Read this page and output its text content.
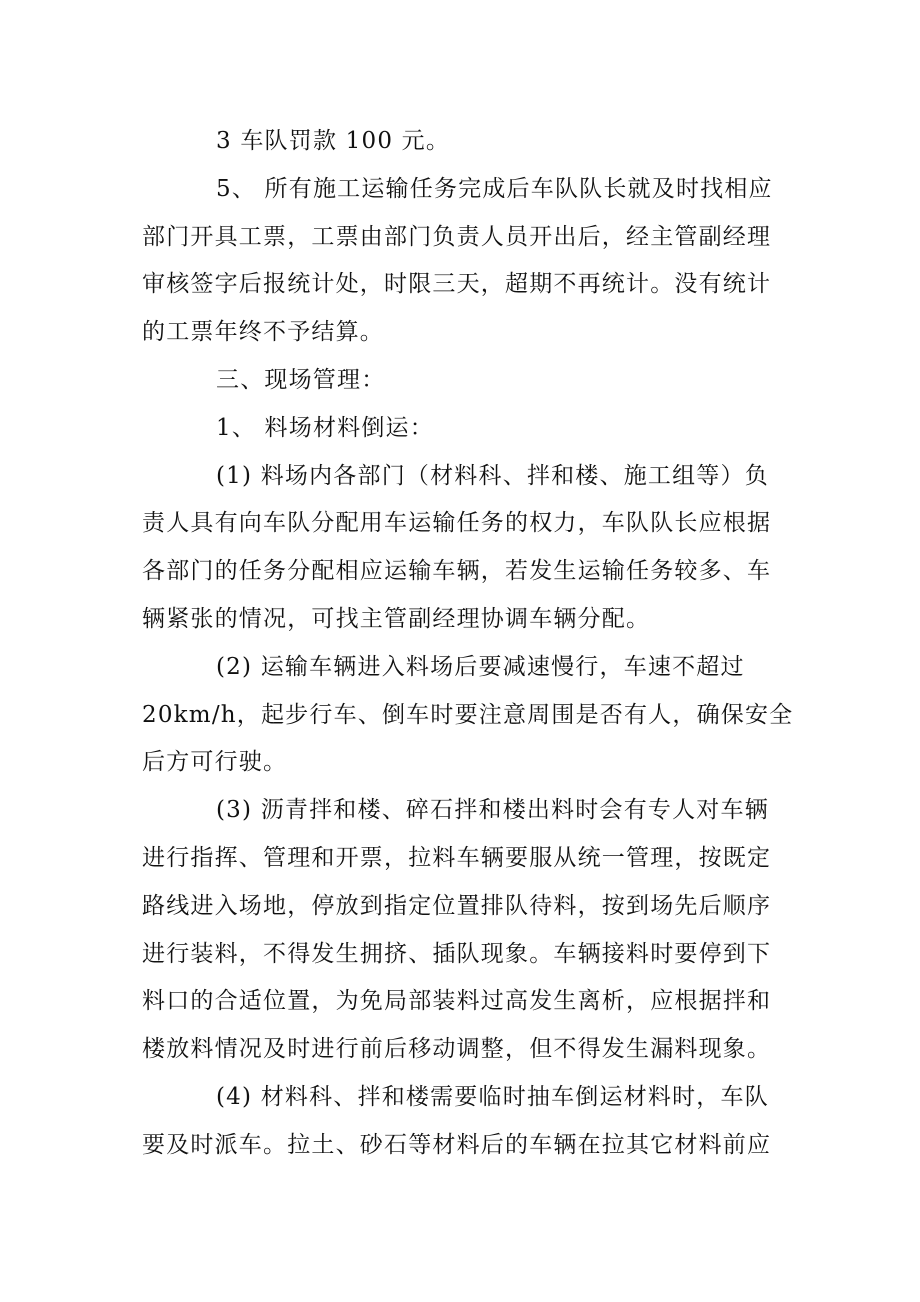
3 车队罚款 100 元。
5、 所有施工运输任务完成后车队队长就及时找相应
部门开具工票，工票由部门负责人员开出后，经主管副经理
审核签字后报统计处，时限三天，超期不再统计。没有统计
的工票年终不予结算。
三、现场管理：
1、 料场材料倒运：
(1) 料场内各部门（材料科、拌和楼、施工组等）负
责人具有向车队分配用车运输任务的权力，车队队长应根据
各部门的任务分配相应运输车辆，若发生运输任务较多、车
辆紧张的情况，可找主管副经理协调车辆分配。
(2) 运输车辆进入料场后要减速慢行，车速不超过
20km/h，起步行车、倒车时要注意周围是否有人，确保安全
后方可行驶。
(3) 沥青拌和楼、碎石拌和楼出料时会有专人对车辆
进行指挥、管理和开票，拉料车辆要服从统一管理，按既定
路线进入场地，停放到指定位置排队待料，按到场先后顺序
进行装料，不得发生拥挤、插队现象。车辆接料时要停到下
料口的合适位置，为免局部装料过高发生离析，应根据拌和
楼放料情况及时进行前后移动调整，但不得发生漏料现象。
(4) 材料科、拌和楼需要临时抽车倒运材料时，车队
要及时派车。拉土、砂石等材料后的车辆在拉其它材料前应
